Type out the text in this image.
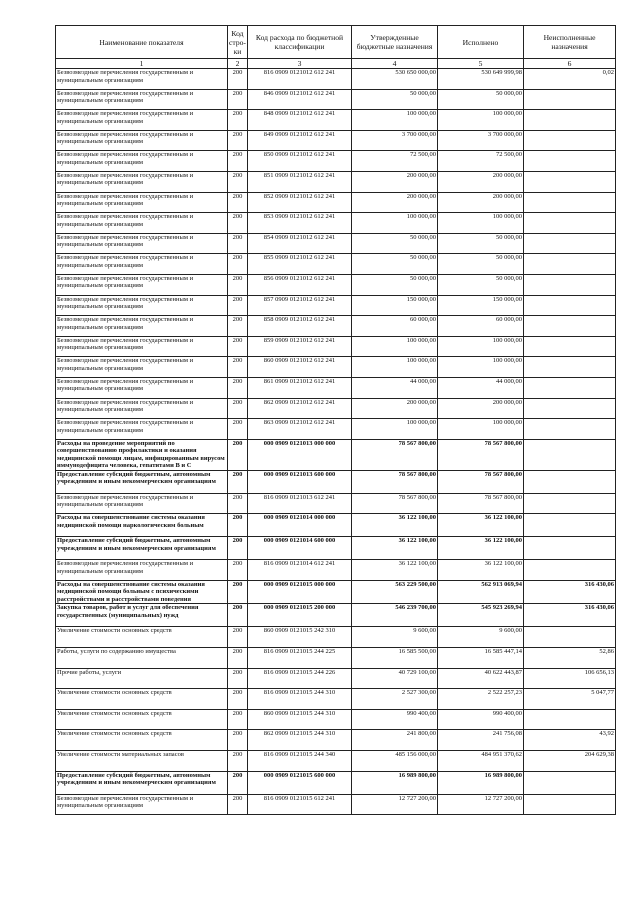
Наименование показателя	Код стро-ки	Код расхода по бюджетной классификации	Утвержденные бюджетные назначения	Исполнено	Неисполненные назначения
1	2	3	4	5	6
Безвозмездные перечисления государственным и муниципальным организациям	200	816 0909 0121012 612 241	530 650 000,00	530 649 999,98	0,02
Безвозмездные перечисления государственным и муниципальным организациям	200	846 0909 0121012 612 241	50 000,00	50 000,00	
Безвозмездные перечисления государственным и муниципальным организациям	200	848 0909 0121012 612 241	100 000,00	100 000,00	
Безвозмездные перечисления государственным и муниципальным организациям	200	849 0909 0121012 612 241	3 700 000,00	3 700 000,00	
Безвозмездные перечисления государственным и муниципальным организациям	200	850 0909 0121012 612 241	72 500,00	72 500,00	
Безвозмездные перечисления государственным и муниципальным организациям	200	851 0909 0121012 612 241	200 000,00	200 000,00	
Безвозмездные перечисления государственным и муниципальным организациям	200	852 0909 0121012 612 241	200 000,00	200 000,00	
Безвозмездные перечисления государственным и муниципальным организациям	200	853 0909 0121012 612 241	100 000,00	100 000,00	
Безвозмездные перечисления государственным и муниципальным организациям	200	854 0909 0121012 612 241	50 000,00	50 000,00	
Безвозмездные перечисления государственным и муниципальным организациям	200	855 0909 0121012 612 241	50 000,00	50 000,00	
Безвозмездные перечисления государственным и муниципальным организациям	200	856 0909 0121012 612 241	50 000,00	50 000,00	
Безвозмездные перечисления государственным и муниципальным организациям	200	857 0909 0121012 612 241	150 000,00	150 000,00	
Безвозмездные перечисления государственным и муниципальным организациям	200	858 0909 0121012 612 241	60 000,00	60 000,00	
Безвозмездные перечисления государственным и муниципальным организациям	200	859 0909 0121012 612 241	100 000,00	100 000,00	
Безвозмездные перечисления государственным и муниципальным организациям	200	860 0909 0121012 612 241	100 000,00	100 000,00	
Безвозмездные перечисления государственным и муниципальным организациям	200	861 0909 0121012 612 241	44 000,00	44 000,00	
Безвозмездные перечисления государственным и муниципальным организациям	200	862 0909 0121012 612 241	200 000,00	200 000,00	
Безвозмездные перечисления государственным и муниципальным организациям	200	863 0909 0121012 612 241	100 000,00	100 000,00	
Расходы на проведение мероприятий по совершенствованию профилактики и оказания медицинской помощи лицам, инфицированным вирусом иммунодефицита человека, гепатитами В и С	200	000 0909 0121013 000 000	78 567 800,00	78 567 800,00	
Предоставление субсидий бюджетным, автономным учреждениям и иным некоммерческим организациям	200	000 0909 0121013 600 000	78 567 800,00	78 567 800,00	
Безвозмездные перечисления государственным и муниципальным организациям	200	816 0909 0121013 612 241	78 567 800,00	78 567 800,00	
Расходы на совершенствование системы оказания медицинской помощи наркологическим больным	200	000 0909 0121014 000 000	36 122 100,00	36 122 100,00	
Предоставление субсидий бюджетным, автономным учреждениям и иным некоммерческим организациям	200	000 0909 0121014 600 000	36 122 100,00	36 122 100,00	
Безвозмездные перечисления государственным и муниципальным организациям	200	816 0909 0121014 612 241	36 122 100,00	36 122 100,00	
Расходы на совершенствование системы оказания медицинской помощи больным с психическими расстройствами и расстройствами поведения	200	000 0909 0121015 000 000	563 229 500,00	562 913 069,94	316 430,06
Закупка товаров, работ и услуг для обеспечения государственных (муниципальных) нужд	200	000 0909 0121015 200 000	546 239 700,00	545 923 269,94	316 430,06
Увеличение стоимости основных средств	200	860 0909 0121015 242 310	9 600,00	9 600,00	
Работы, услуги по содержанию имущества	200	816 0909 0121015 244 225	16 585 500,00	16 585 447,14	52,86
Прочие работы, услуги	200	816 0909 0121015 244 226	40 729 100,00	40 622 443,87	106 656,13
Увеличение стоимости основных средств	200	816 0909 0121015 244 310	2 527 300,00	2 522 257,23	5 047,77
Увеличение стоимости основных средств	200	860 0909 0121015 244 310	990 400,00	990 400,00	
Увеличение стоимости основных средств	200	862 0909 0121015 244 310	241 800,00	241 756,08	43,92
Увеличение стоимости материальных запасов	200	816 0909 0121015 244 340	485 156 000,00	484 951 370,62	204 629,38
Предоставление субсидий бюджетным, автономным учреждениям и иным некоммерческим организациям	200	000 0909 0121015 600 000	16 989 800,00	16 989 800,00	
Безвозмездные перечисления государственным и муниципальным организациям	200	816 0909 0121015 612 241	12 727 200,00	12 727 200,00	
